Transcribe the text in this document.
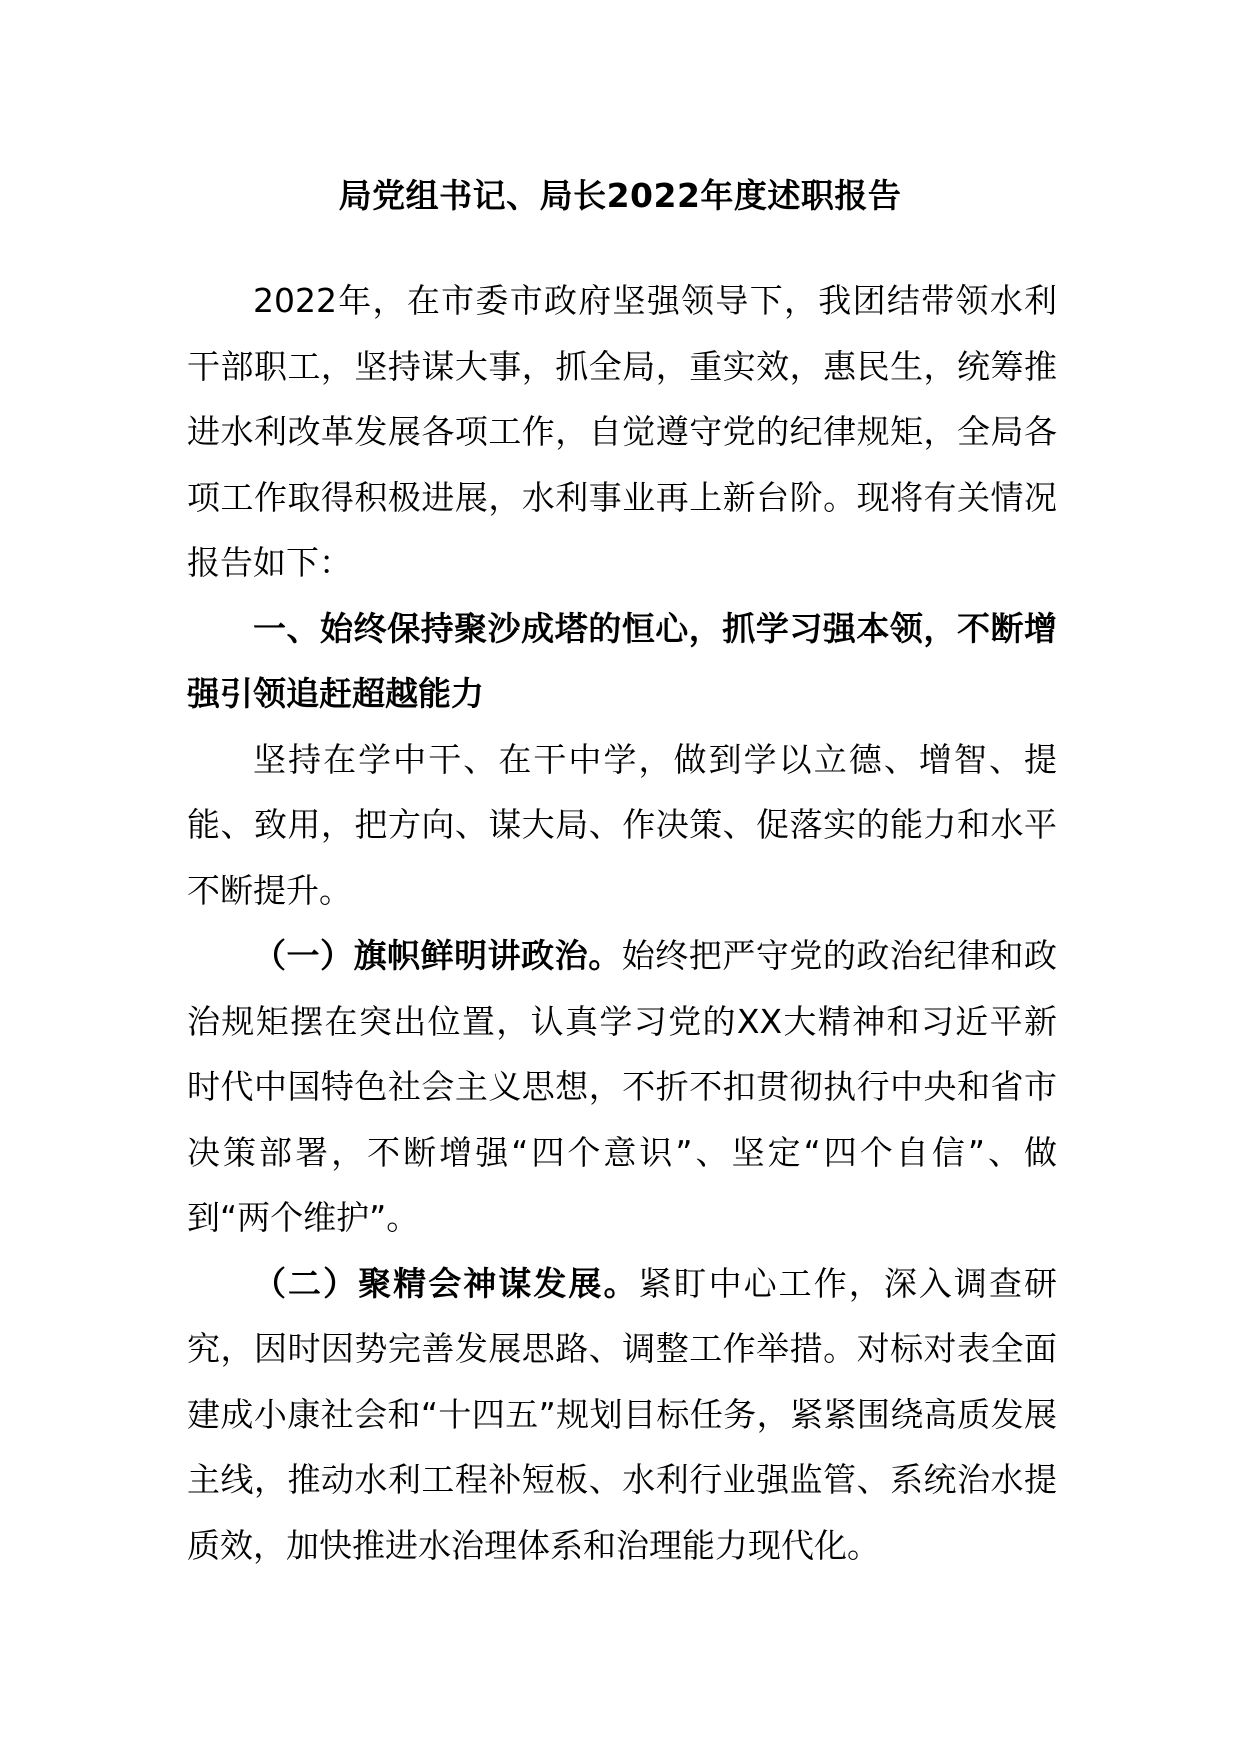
局党组书记、局长2022年度述职报告

2022年，在市委市政府坚强领导下，我团结带领水利干部职工，坚持谋大事，抓全局，重实效，惠民生，统筹推进水利改革发展各项工作，自觉遵守党的纪律规矩，全局各项工作取得积极进展，水利事业再上新台阶。现将有关情况报告如下：

一、始终保持聚沙成塔的恒心，抓学习强本领，不断增强引领追赶超越能力

坚持在学中干、在干中学，做到学以立德、增智、提能、致用，把方向、谋大局、作决策、促落实的能力和水平不断提升。

（一）旗帜鲜明讲政治。始终把严守党的政治纪律和政治规矩摆在突出位置，认真学习党的XX大精神和习近平新时代中国特色社会主义思想，不折不扣贯彻执行中央和省市决策部署，不断增强“四个意识”、坚定“四个自信”、做到“两个维护”。

（二）聚精会神谋发展。紧盯中心工作，深入调查研究，因时因势完善发展思路、调整工作举措。对标对表全面建成小康社会和“十四五”规划目标任务，紧紧围绕高质发展主线，推动水利工程补短板、水利行业强监管、系统治水提质效，加快推进水治理体系和治理能力现代化。
